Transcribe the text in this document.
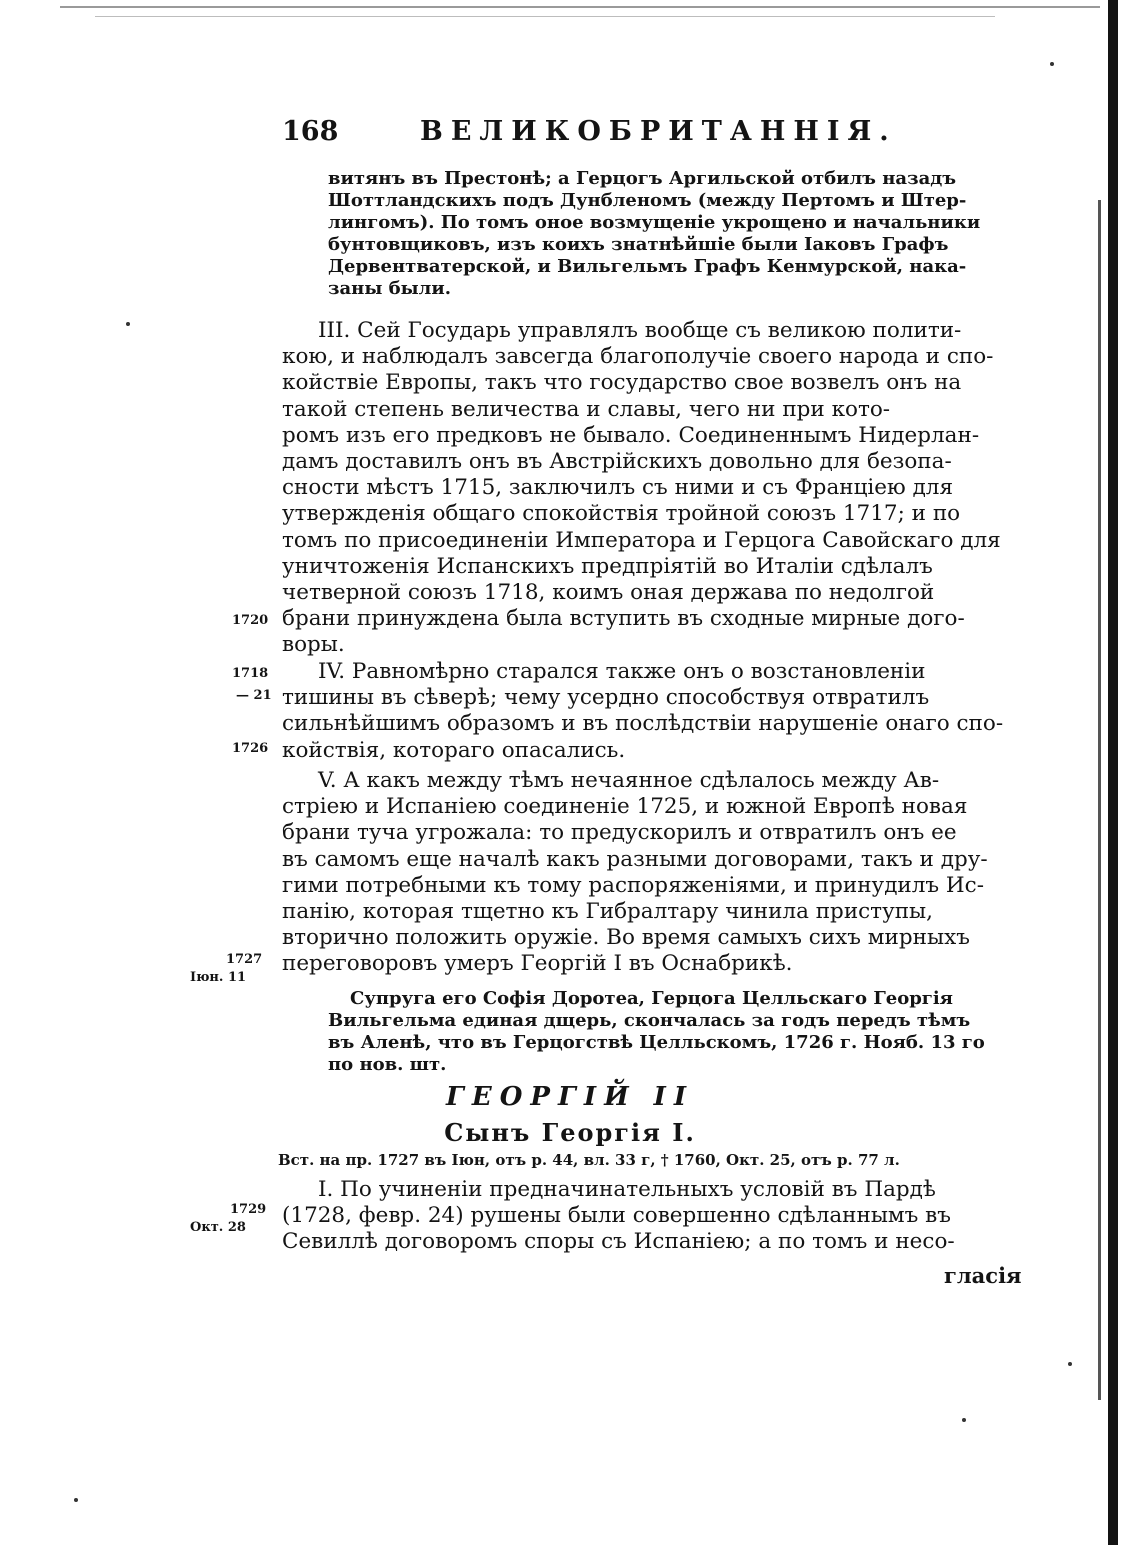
168	ВЕЛИКОБРИТАННIЯ.
витянъ въ Престонѣ; а Герцогъ Аргильской отбилъ назадъ
Шоттландскихъ подъ Дунбленомъ (между Пертомъ и Штер-
лингомъ). По томъ оное возмущенiе укрощено и начальники
бунтовщиковъ, изъ коихъ знатнѣйшiе были Iаковъ Графъ
Дервентватерской, и Вильгельмъ Графъ Кенмурской, нака-
заны были.
III. Сей Государь управлялъ вообще съ великою полити-
кою, и наблюдалъ завсегда благополучiе своего народа и спо-
койствiе Европы, такъ что государство свое возвелъ онъ на
такой степень величества и славы, чего ни при кото-
ромъ изъ его предковъ не бывало. Соединеннымъ Нидерлан-
дамъ доставилъ онъ въ Австрiйскихъ довольно для безопа-
сности мѣстъ 1715, заключилъ съ ними и съ Францiею для
утвержденiя общаго спокойствiя тройной союзъ 1717; и по
томъ по присоединенiи Императора и Герцога Савойскаго для
уничтоженiя Испанскихъ предпрiятiй во Италiи сдѣлалъ
четверной союзъ 1718, коимъ оная держава по недолгой
брани принуждена была вступить въ сходные мирные дого-
воры.
IV. Равномѣрно старался также онъ о возстановленiи
тишины въ сѣверѣ; чему усердно способствуя отвратилъ
сильнѣйшимъ образомъ и въ послѣдствiи нарушенiе онаго спо-
койствiя, котораго опасались.
V. А какъ между тѣмъ нечаянное сдѣлалось между Ав-
стрiею и Испанiею соединенiе 1725, и южной Европѣ новая
брани туча угрожала: то предускорилъ и отвратилъ онъ ее
въ самомъ еще началѣ какъ разными договорами, такъ и дру-
гими потребными къ тому распоряженiями, и принудилъ Ис-
панiю, которая тщетно къ Гибралтару чинила приступы,
вторично положить оружiе. Во время самыхъ сихъ мирныхъ
переговоровъ умеръ Георгiй I въ Оснабрикѣ.
Супруга его Софiя Доротеа, Герцога Целльскаго Георгiя
Вильгельма единая дщерь, скончалась за годъ передъ тѣмъ
въ Аленѣ, что въ Герцогствѣ Целльскомъ, 1726 г. Нояб. 13 го
по нов. шт.
ГЕОРГIЙ II
Сынъ Георгiя I.
Вст. на пр. 1727 въ Iюн, отъ р. 44, вл. 33 г, † 1760, Окт. 25, отъ р. 77 л.
I. По учиненiи предначинательныхъ условiй въ Пардѣ
(1728, февр. 24) рушены были совершенно сдѣланнымъ въ
Севиллѣ договоромъ споры съ Испанiею; а по томъ и несо-
гласiя
1720
1718
— 21
1726
1727
Iюн. 11
1729
Окт. 28
